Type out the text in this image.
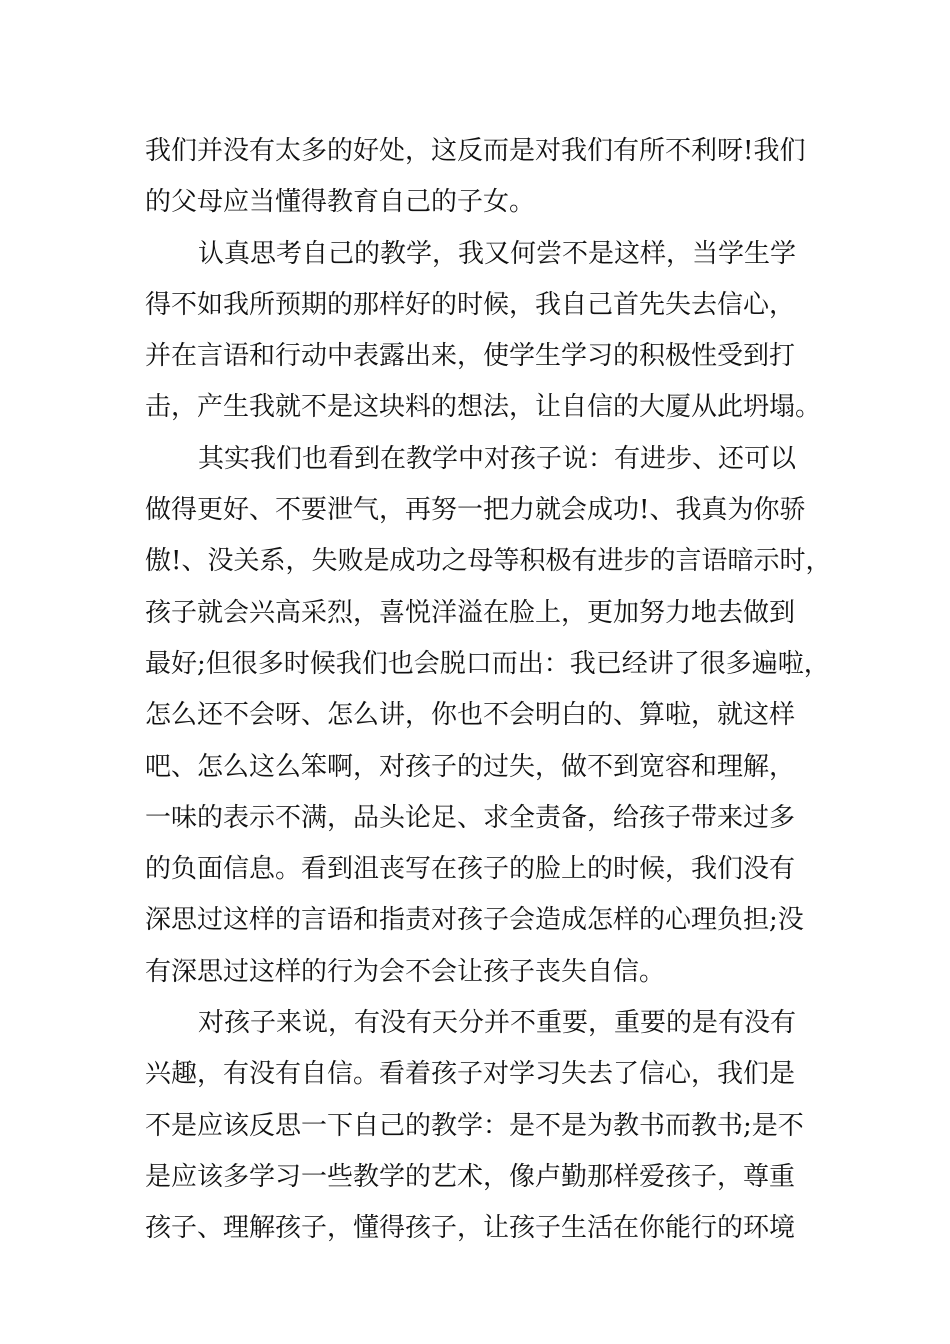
我们并没有太多的好处，这反而是对我们有所不利呀!我们
的父母应当懂得教育自己的子女。
认真思考自己的教学，我又何尝不是这样，当学生学
得不如我所预期的那样好的时候，我自己首先失去信心，
并在言语和行动中表露出来，使学生学习的积极性受到打
击，产生我就不是这块料的想法，让自信的大厦从此坍塌。
其实我们也看到在教学中对孩子说：有进步、还可以
做得更好、不要泄气，再努一把力就会成功!、我真为你骄
傲!、没关系，失败是成功之母等积极有进步的言语暗示时，
孩子就会兴高采烈，喜悦洋溢在脸上，更加努力地去做到
最好;但很多时候我们也会脱口而出：我已经讲了很多遍啦，
怎么还不会呀、怎么讲，你也不会明白的、算啦，就这样
吧、怎么这么笨啊，对孩子的过失，做不到宽容和理解，
一味的表示不满，品头论足、求全责备，给孩子带来过多
的负面信息。看到沮丧写在孩子的脸上的时候，我们没有
深思过这样的言语和指责对孩子会造成怎样的心理负担;没
有深思过这样的行为会不会让孩子丧失自信。
对孩子来说，有没有天分并不重要，重要的是有没有
兴趣，有没有自信。看着孩子对学习失去了信心，我们是
不是应该反思一下自己的教学：是不是为教书而教书;是不
是应该多学习一些教学的艺术，像卢勤那样爱孩子，尊重
孩子、理解孩子，懂得孩子，让孩子生活在你能行的环境
